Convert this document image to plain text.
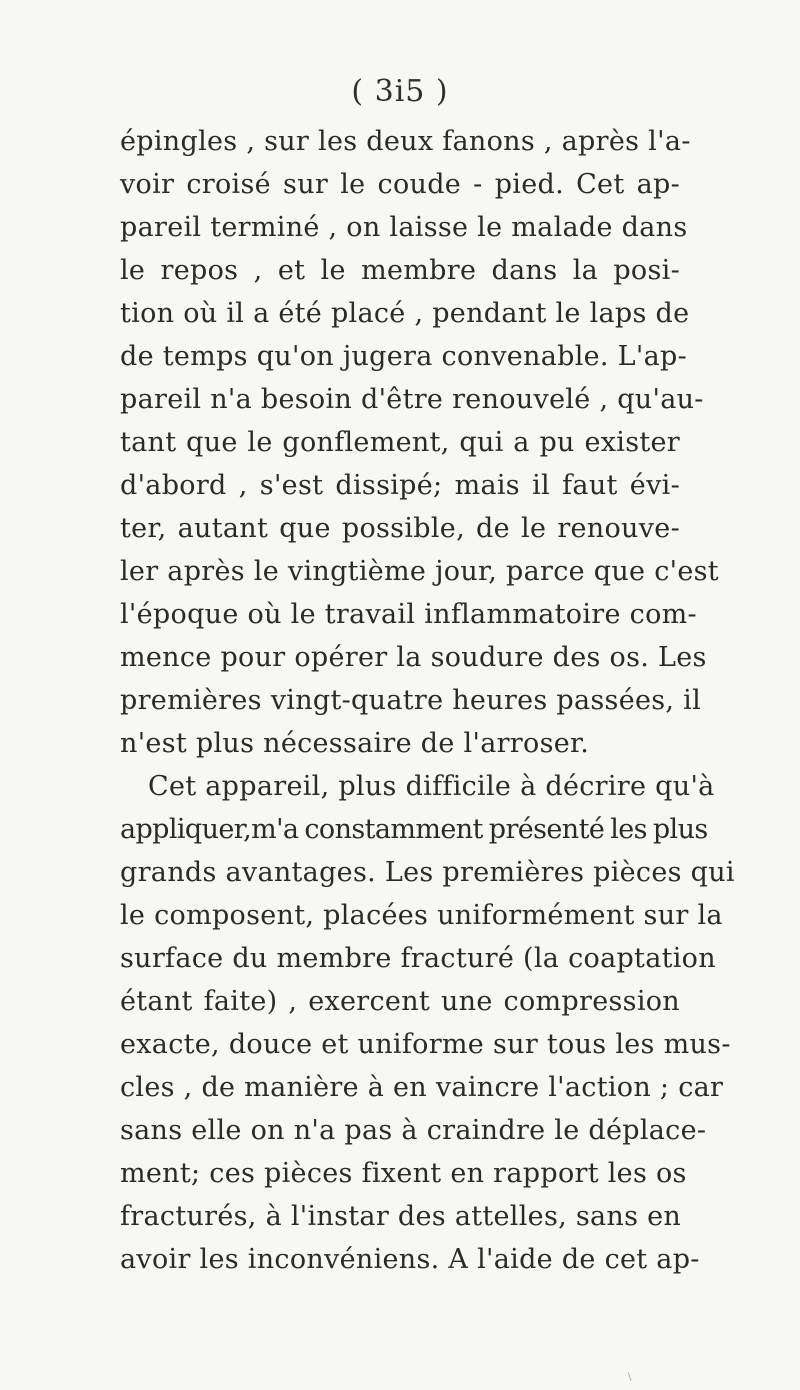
( 3i5 )
épingles , sur les deux fanons , après l'a-
voir croisé sur le coude - pied. Cet ap-
pareil terminé , on laisse le malade dans
le repos , et le membre dans la posi-
tion où il a été placé , pendant le laps de
de temps qu'on jugera convenable. L'ap-
pareil n'a besoin d'être renouvelé , qu'au-
tant que le gonflement, qui a pu exister
d'abord , s'est dissipé; mais il faut évi-
ter, autant que possible, de le renouve-
ler après le vingtième jour, parce que c'est
l'époque où le travail inflammatoire com-
mence pour opérer la soudure des os. Les
premières vingt-quatre heures passées, il
n'est plus nécessaire de l'arroser.
Cet appareil, plus difficile à décrire qu'à
appliquer,m'a constamment présenté les plus
grands avantages. Les premières pièces qui
le composent, placées uniformément sur la
surface du membre fracturé (la coaptation
étant faite) , exercent une compression
exacte, douce et uniforme sur tous les mus-
cles , de manière à en vaincre l'action ; car
sans elle on n'a pas à craindre le déplace-
ment; ces pièces fixent en rapport les os
fracturés, à l'instar des attelles, sans en
avoir les inconvéniens. A l'aide de cet ap-
\
